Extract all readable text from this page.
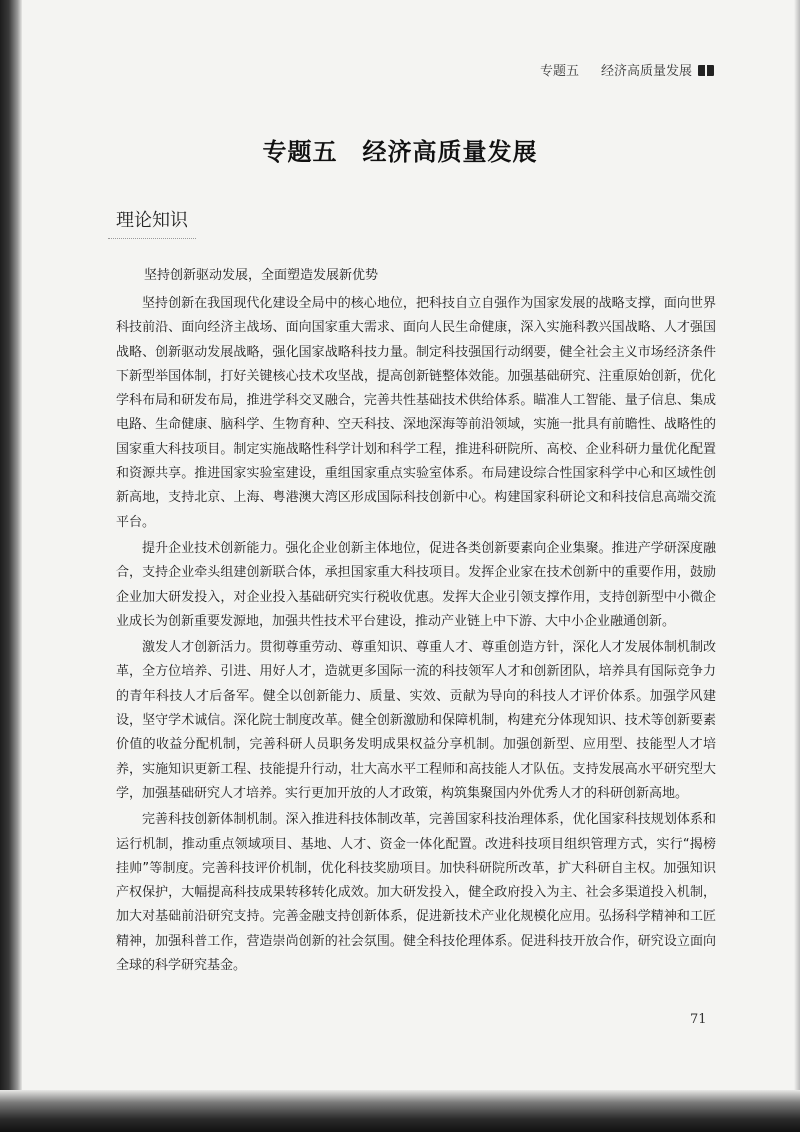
专题五 经济高质量发展
专题五　经济高质量发展
理论知识
坚持创新驱动发展，全面塑造发展新优势

坚持创新在我国现代化建设全局中的核心地位，把科技自立自强作为国家发展的战略支撑，面向世界科技前沿、面向经济主战场、面向国家重大需求、面向人民生命健康，深入实施科教兴国战略、人才强国战略、创新驱动发展战略，强化国家战略科技力量。制定科技强国行动纲要，健全社会主义市场经济条件下新型举国体制，打好关键核心技术攻坚战，提高创新链整体效能。加强基础研究、注重原始创新，优化学科布局和研发布局，推进学科交叉融合，完善共性基础技术供给体系。瞄准人工智能、量子信息、集成电路、生命健康、脑科学、生物育种、空天科技、深地深海等前沿领域，实施一批具有前瞻性、战略性的国家重大科技项目。制定实施战略性科学计划和科学工程，推进科研院所、高校、企业科研力量优化配置和资源共享。推进国家实验室建设，重组国家重点实验室体系。布局建设综合性国家科学中心和区域性创新高地，支持北京、上海、粤港澳大湾区形成国际科技创新中心。构建国家科研论文和科技信息高端交流平台。

提升企业技术创新能力。强化企业创新主体地位，促进各类创新要素向企业集聚。推进产学研深度融合，支持企业牵头组建创新联合体，承担国家重大科技项目。发挥企业家在技术创新中的重要作用，鼓励企业加大研发投入，对企业投入基础研究实行税收优惠。发挥大企业引领支撑作用，支持创新型中小微企业成长为创新重要发源地，加强共性技术平台建设，推动产业链上中下游、大中小企业融通创新。

激发人才创新活力。贯彻尊重劳动、尊重知识、尊重人才、尊重创造方针，深化人才发展体制机制改革，全方位培养、引进、用好人才，造就更多国际一流的科技领军人才和创新团队，培养具有国际竞争力的青年科技人才后备军。健全以创新能力、质量、实效、贡献为导向的科技人才评价体系。加强学风建设，坚守学术诚信。深化院士制度改革。健全创新激励和保障机制，构建充分体现知识、技术等创新要素价值的收益分配机制，完善科研人员职务发明成果权益分享机制。加强创新型、应用型、技能型人才培养，实施知识更新工程、技能提升行动，壮大高水平工程师和高技能人才队伍。支持发展高水平研究型大学，加强基础研究人才培养。实行更加开放的人才政策，构筑集聚国内外优秀人才的科研创新高地。

完善科技创新体制机制。深入推进科技体制改革，完善国家科技治理体系，优化国家科技规划体系和运行机制，推动重点领域项目、基地、人才、资金一体化配置。改进科技项目组织管理方式，实行“揭榜挂帅”等制度。完善科技评价机制，优化科技奖励项目。加快科研院所改革，扩大科研自主权。加强知识产权保护，大幅提高科技成果转移转化成效。加大研发投入，健全政府投入为主、社会多渠道投入机制，加大对基础前沿研究支持。完善金融支持创新体系，促进新技术产业化规模化应用。弘扬科学精神和工匠精神，加强科普工作，营造崇尚创新的社会氛围。健全科技伦理体系。促进科技开放合作，研究设立面向全球的科学研究基金。

71
